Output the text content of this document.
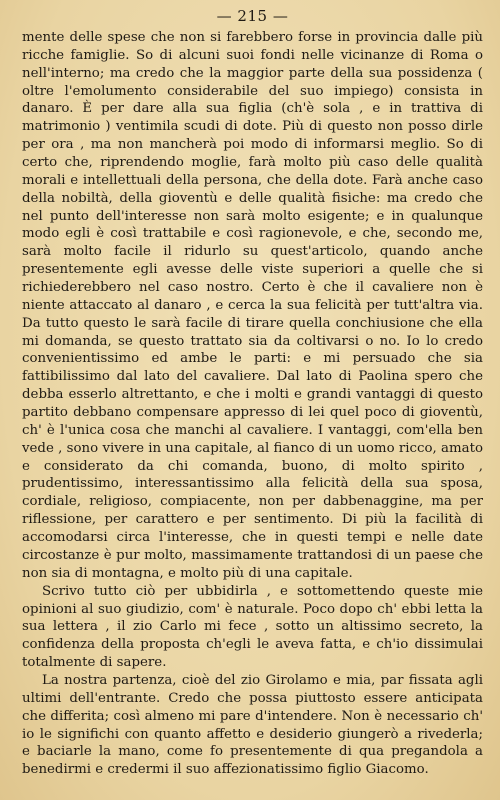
— 215 —

mente delle spese che non si farebbero forse in provincia dalle più ricche famiglie. So di alcuni suoi fondi nelle vicinanze di Roma o nell'interno; ma credo che la maggior parte della sua possidenza ( oltre l'emolumento considerabile del suo impiego) consista in danaro. È per dare alla sua figlia (ch'è sola , e in trattiva di matrimonio ) ventimila scudi di dote. Più di questo non posso dirle per ora , ma non mancherà poi modo di informarsi meglio. So di certo che, riprendendo moglie, farà molto più caso delle qualità morali e intellettuali della persona, che della dote. Farà anche caso della nobiltà, della gioventù e delle qualità fisiche: ma credo che nel punto dell'interesse non sarà molto esigente; e in qualunque modo egli è così trattabile e così ragionevole, e che, secondo me, sarà molto facile il ridurlo su quest'articolo, quando anche presentemente egli avesse delle viste superiori a quelle che si richiederebbero nel caso nostro. Certo è che il cavaliere non è niente attaccato al danaro , e cerca la sua felicità per tutt'altra via. Da tutto questo le sarà facile di tirare quella conchiusione che ella mi domanda, se questo trattato sia da coltivarsi o no. Io lo credo convenientissimo ed ambe le parti: e mi persuado che sia fattibilissimo dal lato del cavaliere. Dal lato di Paolina spero che debba esserlo altrettanto, e che i molti e grandi vantaggi di questo partito debbano compensare appresso di lei quel poco di gioventù, ch' è l'unica cosa che manchi al cavaliere. I vantaggi, com'ella ben vede , sono vivere in una capitale, al fianco di un uomo ricco, amato e considerato da chi comanda, buono, di molto spirito , prudentissimo, interessantissimo alla felicità della sua sposa, cordiale, religioso, compiacente, non per dabbenaggine, ma per riflessione, per carattero e per sentimento. Di più la facilità di accomodarsi circa l'interesse, che in questi tempi e nelle date circostanze è pur molto, massimamente trattandosi di un paese che non sia di montagna, e molto più di una capitale.

Scrivo tutto ciò per ubbidirla , e sottomettendo queste mie opinioni al suo giudizio, com' è naturale. Poco dopo ch' ebbi letta la sua lettera , il zio Carlo mi fece , sotto un altissimo secreto, la confidenza della proposta ch'egli le aveva fatta, e ch'io dissimulai totalmente di sapere.

La nostra partenza, cioè del zio Girolamo e mia, par fissata agli ultimi dell'entrante. Credo che possa piuttosto essere anticipata che differita; così almeno mi pare d'intendere. Non è necessario ch' io le significhi con quanto affetto e desiderio giungerò a rivederla; e baciarle la mano, come fo presentemente di qua pregandola a benedirmi e credermi il suo affezionatissimo figlio Giacomo.
